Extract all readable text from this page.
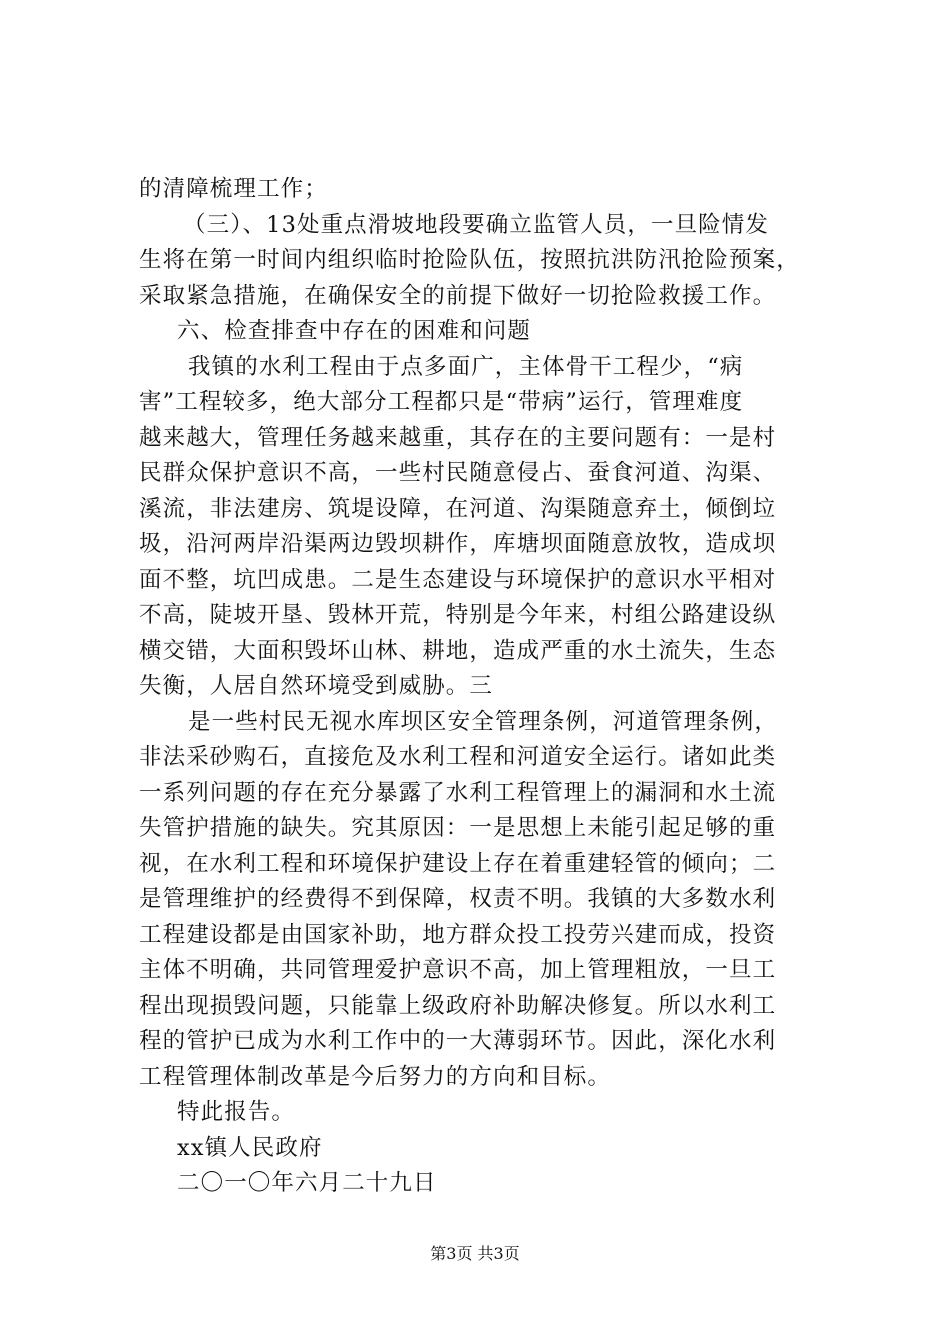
的清障梳理工作；
（三）、13处重点滑坡地段要确立监管人员，一旦险情发
生将在第一时间内组织临时抢险队伍，按照抗洪防汛抢险预案，
采取紧急措施，在确保安全的前提下做好一切抢险救援工作。
六、检查排查中存在的困难和问题
我镇的水利工程由于点多面广，主体骨干工程少，“病
害”工程较多，绝大部分工程都只是“带病”运行，管理难度
越来越大，管理任务越来越重，其存在的主要问题有：一是村
民群众保护意识不高，一些村民随意侵占、蚕食河道、沟渠、
溪流，非法建房、筑堤设障，在河道、沟渠随意弃土，倾倒垃
圾，沿河两岸沿渠两边毁坝耕作，库塘坝面随意放牧，造成坝
面不整，坑凹成患。二是生态建设与环境保护的意识水平相对
不高，陡坡开垦、毁林开荒，特别是今年来，村组公路建设纵
横交错，大面积毁坏山林、耕地，造成严重的水土流失，生态
失衡，人居自然环境受到威胁。三
是一些村民无视水库坝区安全管理条例，河道管理条例，
非法采砂购石，直接危及水利工程和河道安全运行。诸如此类
一系列问题的存在充分暴露了水利工程管理上的漏洞和水土流
失管护措施的缺失。究其原因：一是思想上未能引起足够的重
视，在水利工程和环境保护建设上存在着重建轻管的倾向；二
是管理维护的经费得不到保障，权责不明。我镇的大多数水利
工程建设都是由国家补助，地方群众投工投劳兴建而成，投资
主体不明确，共同管理爱护意识不高，加上管理粗放，一旦工
程出现损毁问题，只能靠上级政府补助解决修复。所以水利工
程的管护已成为水利工作中的一大薄弱环节。因此，深化水利
工程管理体制改革是今后努力的方向和目标。
特此报告。
xx镇人民政府
二〇一〇年六月二十九日
第3页 共3页
